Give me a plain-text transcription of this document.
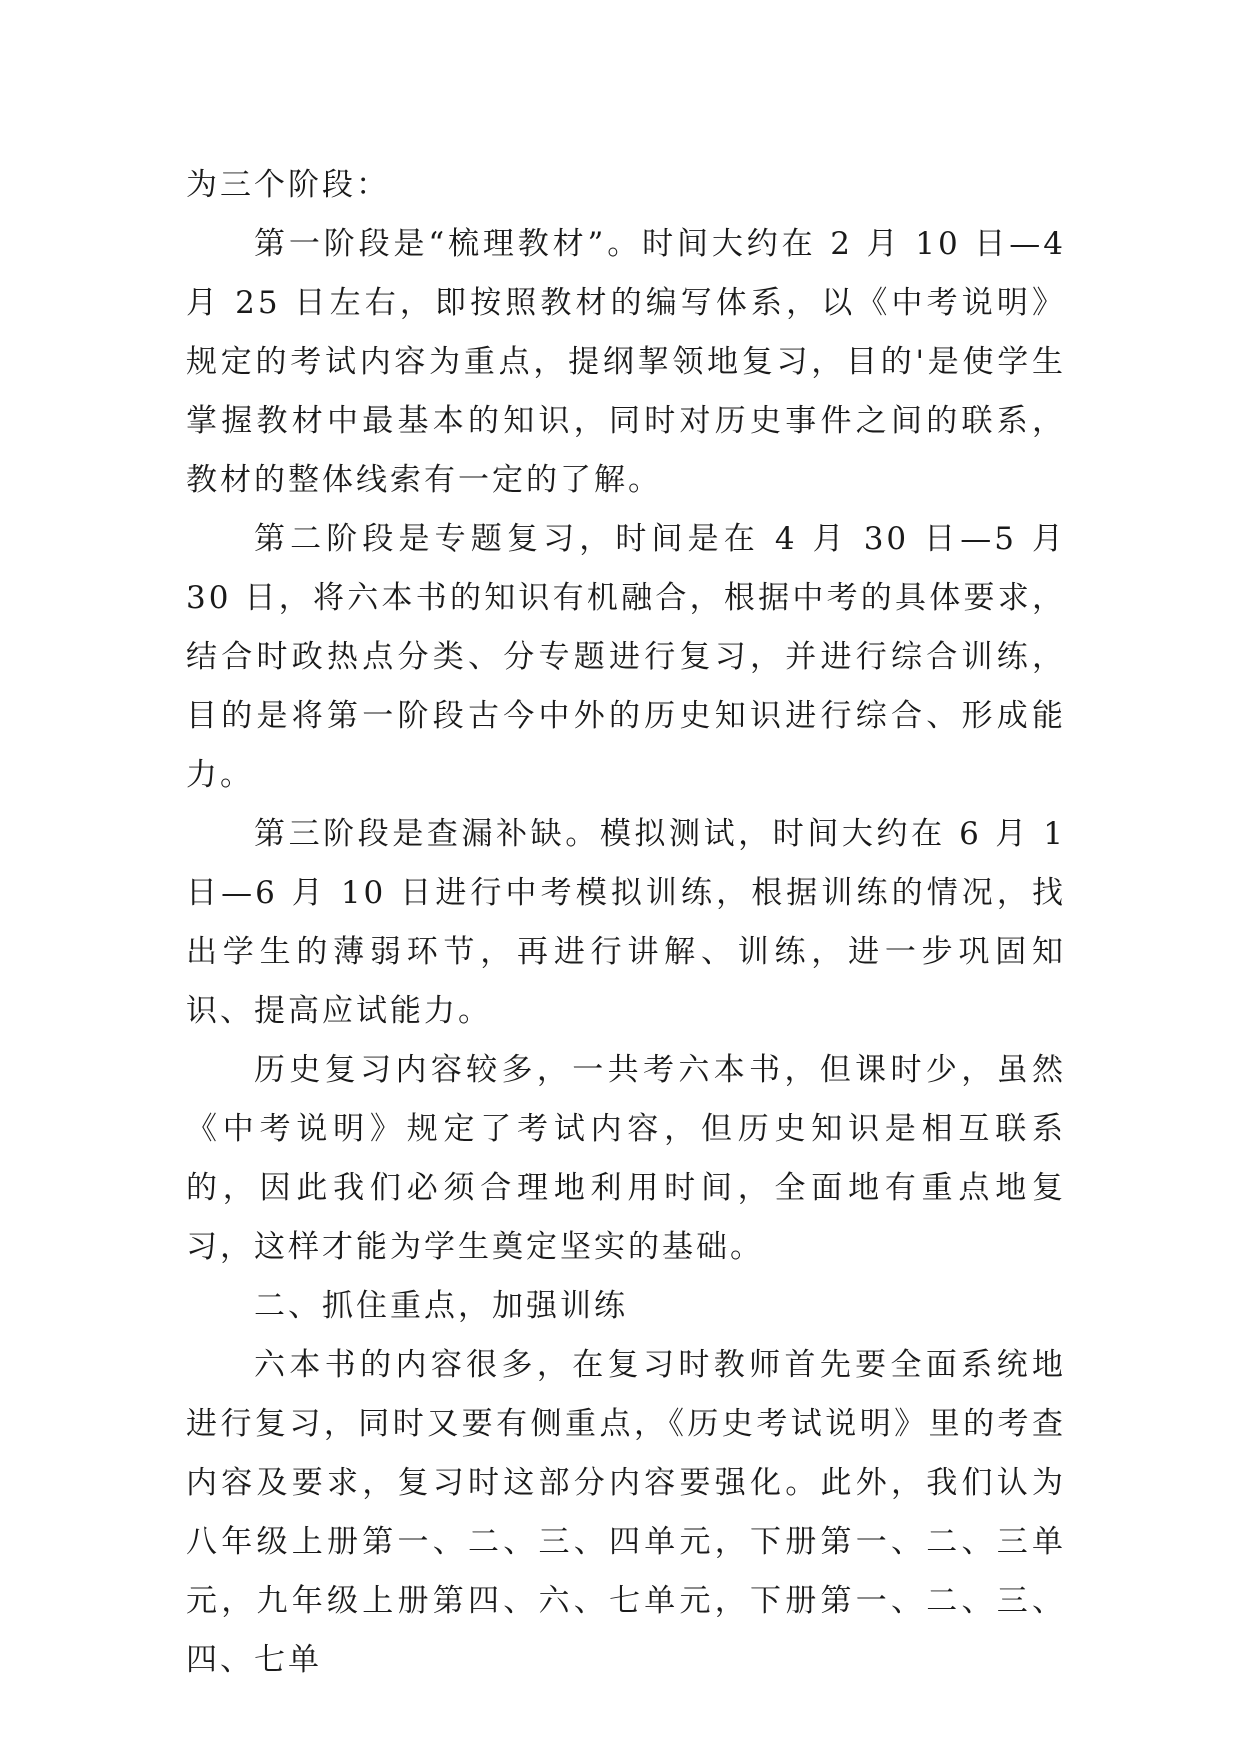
为三个阶段：

第一阶段是“梳理教材”。时间大约在 2 月 10 日—4 月 25 日左右，即按照教材的编写体系，以《中考说明》规定的考试内容为重点，提纲挈领地复习，目的'是使学生掌握教材中最基本的知识，同时对历史事件之间的联系，教材的整体线索有一定的了解。

第二阶段是专题复习，时间是在 4 月 30 日—5 月 30 日，将六本书的知识有机融合，根据中考的具体要求，结合时政热点分类、分专题进行复习，并进行综合训练，目的是将第一阶段古今中外的历史知识进行综合、形成能力。

第三阶段是查漏补缺。模拟测试，时间大约在 6 月 1 日—6 月 10 日进行中考模拟训练，根据训练的情况，找出学生的薄弱环节，再进行讲解、训练，进一步巩固知识、提高应试能力。

历史复习内容较多，一共考六本书，但课时少，虽然《中考说明》规定了考试内容，但历史知识是相互联系的，因此我们必须合理地利用时间，全面地有重点地复习，这样才能为学生奠定坚实的基础。

二、抓住重点，加强训练

六本书的内容很多，在复习时教师首先要全面系统地进行复习，同时又要有侧重点，《历史考试说明》里的考查内容及要求，复习时这部分内容要强化。此外，我们认为八年级上册第一、二、三、四单元，下册第一、二、三单元，九年级上册第四、六、七单元，下册第一、二、三、四、七单
